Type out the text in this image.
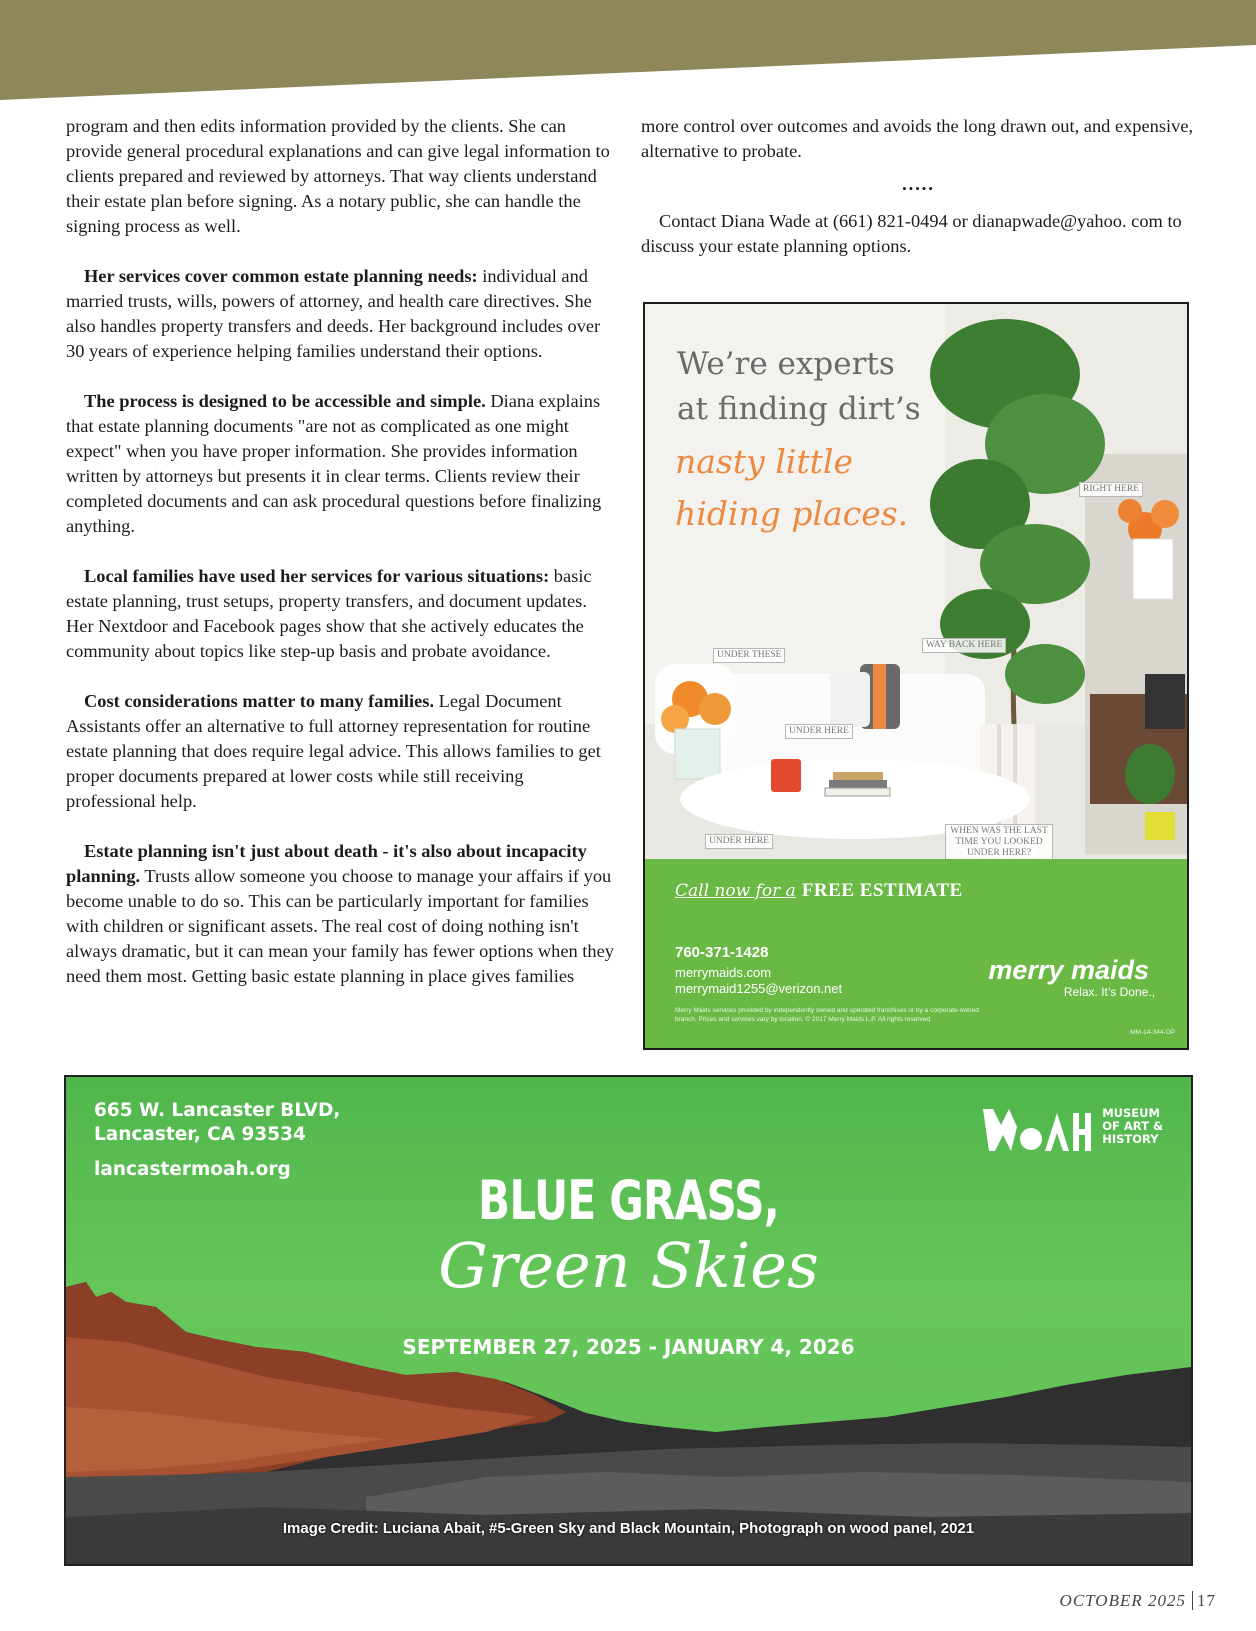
program and then edits information provided by the clients. She can provide general procedural explanations and can give legal information to clients prepared and reviewed by attorneys. That way clients understand their estate plan before signing. As a notary public, she can handle the signing process as well.

Her services cover common estate planning needs: individual and married trusts, wills, powers of attorney, and health care directives. She also handles property transfers and deeds. Her background includes over 30 years of experience helping families understand their options.

The process is designed to be accessible and simple. Diana explains that estate planning documents "are not as complicated as one might expect" when you have proper information. She provides information written by attorneys but presents it in clear terms. Clients review their completed documents and can ask procedural questions before finalizing anything.

Local families have used her services for various situations: basic estate planning, trust setups, property transfers, and document updates. Her Nextdoor and Facebook pages show that she actively educates the community about topics like step-up basis and probate avoidance.

Cost considerations matter to many families. Legal Document Assistants offer an alternative to full attorney representation for routine estate planning that does require legal advice. This allows families to get proper documents prepared at lower costs while still receiving professional help.

Estate planning isn't just about death - it's also about incapacity planning. Trusts allow someone you choose to manage your affairs if you become unable to do so. This can be particularly important for families with children or significant assets. The real cost of doing nothing isn't always dramatic, but it can mean your family has fewer options when they need them most. Getting basic estate planning in place gives families

more control over outcomes and avoids the long drawn out, and expensive, alternative to probate.

•••••

Contact Diana Wade at (661) 821-0494 or dianapwade@yahoo. com to discuss your estate planning options.

We’re experts
at finding dirt’s
nasty little
hiding places.
RIGHT HERE
UNDER THESE
WAY BACK HERE
UNDER HERE
UNDER HERE
WHEN WAS THE LAST TIME YOU LOOKED UNDER HERE?
Call now for a FREE ESTIMATE
760-371-1428
merrymaids.com
merrymaid1255@verizon.net
Merry Maids services provided by independently owned and operated franchises or by a corporate-owned branch. Prices and services vary by location. © 2017 Merry Maids L.P. All rights reserved.
merry maids
Relax. It’s Done.,
MM-14-344-OP
665 W. Lancaster BLVD,
Lancaster, CA 93534
lancastermoah.org	BLUE GRASS,
Green Skies
SEPTEMBER 27, 2025 - JANUARY 4, 2026
MUSEUM
OF ART &
HISTORY
Image Credit: Luciana Abait, #5-Green Sky and Black Mountain, Photograph on wood panel, 2021
OCTOBER 2025 17
